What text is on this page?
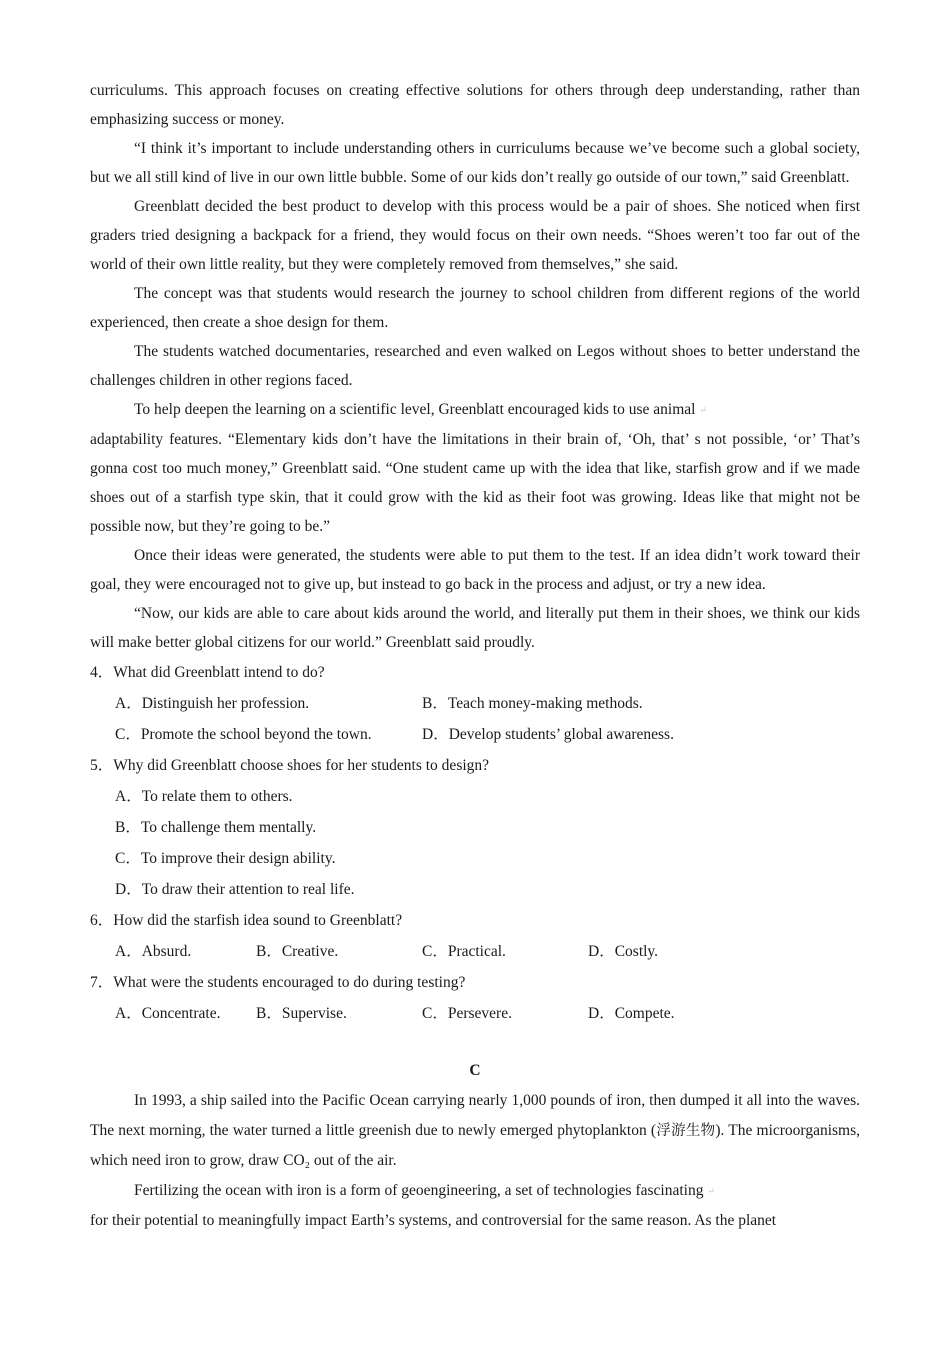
curriculums. This approach focuses on creating effective solutions for others through deep understanding, rather than emphasizing success or money.

“I think it’s important to include understanding others in curriculums because we’ve become such a global society, but we all still kind of live in our own little bubble. Some of our kids don’t really go outside of our town,” said Greenblatt.

Greenblatt decided the best product to develop with this process would be a pair of shoes. She noticed when first graders tried designing a backpack for a friend, they would focus on their own needs. “Shoes weren’t too far out of the world of their own little reality, but they were completely removed from themselves,” she said.

The concept was that students would research the journey to school children from different regions of the world experienced, then create a shoe design for them.

The students watched documentaries, researched and even walked on Legos without shoes to better understand the challenges children in other regions faced.

To help deepen the learning on a scientific level, Greenblatt encouraged kids to use animal ↵

adaptability features. “Elementary kids don’t have the limitations in their brain of, ‘Oh, that’ s not possible, ‘or’ That’s gonna cost too much money,” Greenblatt said. “One student came up with the idea that like, starfish grow and if we made shoes out of a starfish type skin, that it could grow with the kid as their foot was growing. Ideas like that might not be possible now, but they’re going to be.”

Once their ideas were generated, the students were able to put them to the test. If an idea didn’t work toward their goal, they were encouraged not to give up, but instead to go back in the process and adjust, or try a new idea.

“Now, our kids are able to care about kids around the world, and literally put them in their shoes, we think our kids will make better global citizens for our world.” Greenblatt said proudly.

4．What did Greenblatt intend to do?

A．Distinguish her profession.	B．Teach money-making methods.
C．Promote the school beyond the town.	D．Develop students’ global awareness.

5．Why did Greenblatt choose shoes for her students to design?

A．To relate them to others.

B．To challenge them mentally.

C．To improve their design ability.

D．To draw their attention to real life.

6．How did the starfish idea sound to Greenblatt?

A．Absurd.	B．Creative.	C．Practical.	D．Costly.

7．What were the students encouraged to do during testing?

A．Concentrate. B．Supervise.	C．Persevere.	D．Compete.

C

In 1993, a ship sailed into the Pacific Ocean carrying nearly 1,000 pounds of iron, then dumped it all into the waves. The next morning, the water turned a little greenish due to newly emerged phytoplankton (浮游生物). The microorganisms, which need iron to grow, draw CO₂ out of the air.

Fertilizing the ocean with iron is a form of geoengineering, a set of technologies fascinating ↵

for their potential to meaningfully impact Earth’s systems, and controversial for the same reason. As the planet
